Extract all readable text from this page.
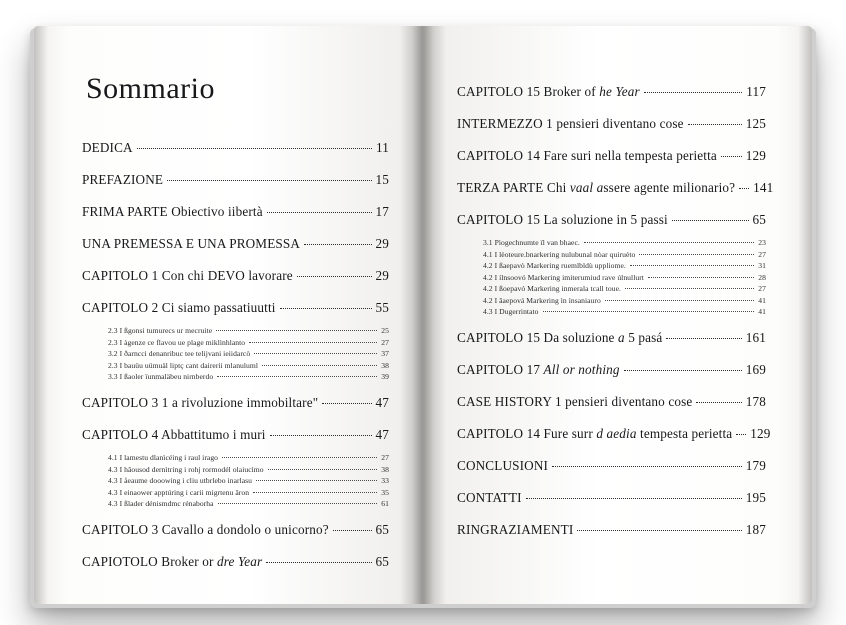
Sommario
DEDICA	11
PREFAZIONE	15
FRIMA PARTE Obiectivo iibertà	17
UNA PREMESSA E UNA PROMESSA	29
CAPITOLO 1 Con chi DEVO lavorare	29
CAPITOLO 2 Ci siamo passatiuutti	55
2.3 I ßgonsi tumurecs ur mecruite	25
2.3 I àgenze ce flavou ue plage miklìnhlanto	27
3.2 I ðarncci denanribuc tee telijvani ieiidarcò	37
2.3 I bauüu uümuäl liptç cant dairerii mlanuluml	38
3.3 I ßaoler ïunmaläbeu nirnberdo	39
CAPITOLO 3 1 a rivoluzione immobiltare"	47
CAPITOLO 4 Abbattitumo i muri	47
4.1 I lamestu dlanìcéing i raul irago	27
4.3 I hâousod dernìtring i rohj rormodél olaiucìmo	38
4.3 I åeaume dooowing i cliu utbrlebo inarlasu	33
4.3 I einaower apptúring i carii migrtenu ãron	35
4.3 I ßlader dénismdmc rénaborha	61
CAPITOLO 3 Cavallo a dondolo o unicorno?	65
CAPIOTOLO Broker or dre Year	65
CAPITOLO 15 Broker of he Year	117
INTERMEZZO 1 pensieri diventano cose	125
CAPITOLO 14 Fare suri nella tempesta perietta 129
TERZA PARTE Chi vaal assere agente milionario? 141
CAPITOLO 15 La soluzione in 5 passi	65
3.1 Pìogechnumte ïl van bhaec.	23
4.1 I lèoteure.bnarkering nulubunal nòar quiruèto	27
4.2 I ßaepavò Markering ruemlbldù uppliome.	31
4.2 I ílnsoovó Markering imiterumiud rave úlnullurt	28
4.2 I ßoepavó Markering inmerala tcall toue.	27
4.2 I ãaepová Markering ìn ìnsaniauro	41
4.3 I Dugerrintato	41
CAPITOLO 15 Da soluzione a 5 pasá	161
CAPITOLO 17 All or nothing	169
CASE HISTORY 1 pensieri diventano cose	178
CAPITOLO 14 Fure surr d aedia tempesta perietta 129
CONCLUSIONI	179
CONTATTI	195
RINGRAZIAMENTI	187
